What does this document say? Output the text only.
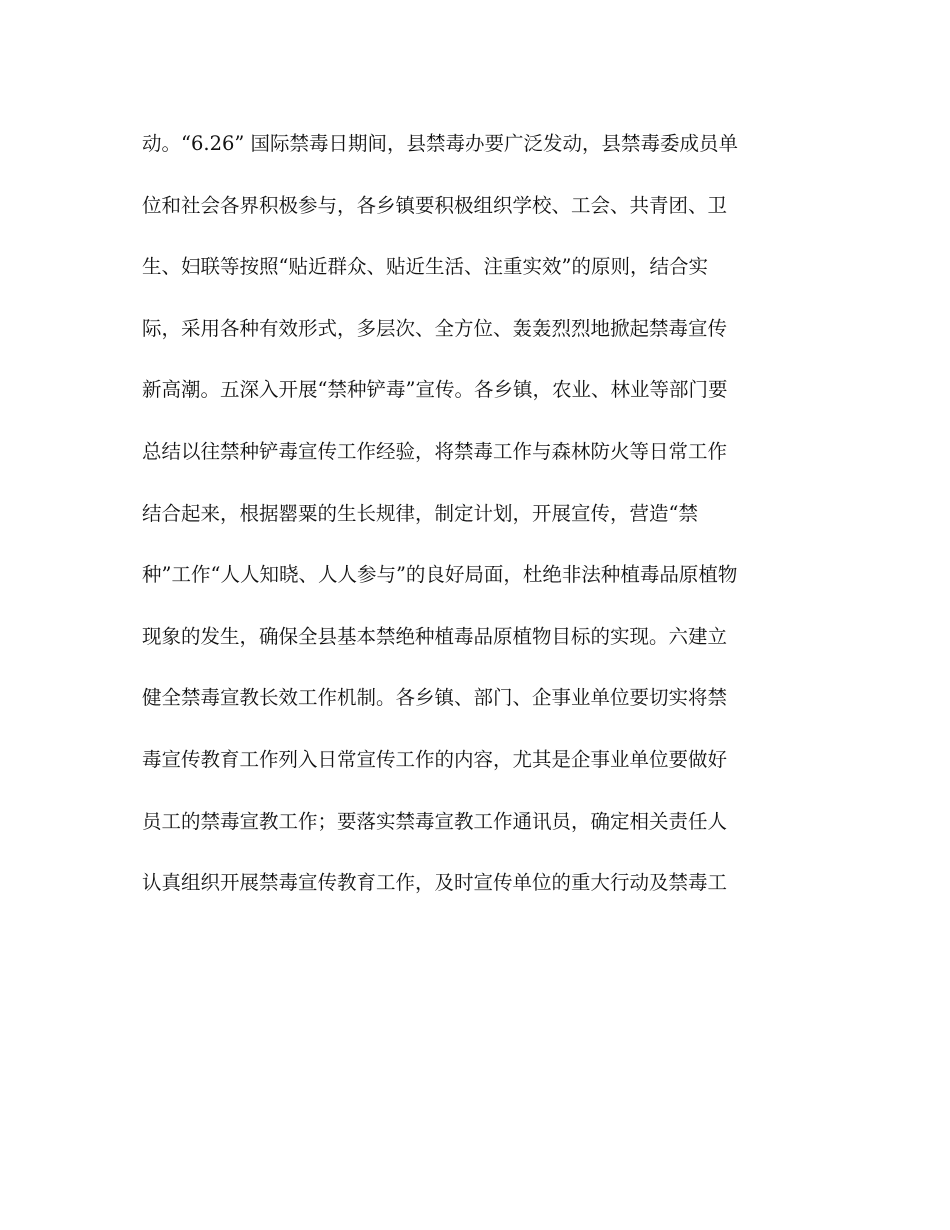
动。“6.26” 国际禁毒日期间，县禁毒办要广泛发动，县禁毒委成员单
位和社会各界积极参与，各乡镇要积极组织学校、工会、共青团、卫
生、妇联等按照“贴近群众、贴近生活、注重实效”的原则，结合实
际，采用各种有效形式，多层次、全方位、轰轰烈烈地掀起禁毒宣传
新高潮。五深入开展“禁种铲毒”宣传。各乡镇，农业、林业等部门要
总结以往禁种铲毒宣传工作经验，将禁毒工作与森林防火等日常工作
结合起来，根据罂粟的生长规律，制定计划，开展宣传，营造“禁
种”工作“人人知晓、人人参与”的良好局面，杜绝非法种植毒品原植物
现象的发生，确保全县基本禁绝种植毒品原植物目标的实现。六建立
健全禁毒宣教长效工作机制。各乡镇、部门、企事业单位要切实将禁
毒宣传教育工作列入日常宣传工作的内容，尤其是企事业单位要做好
员工的禁毒宣教工作；要落实禁毒宣教工作通讯员，确定相关责任人
认真组织开展禁毒宣传教育工作，及时宣传单位的重大行动及禁毒工
